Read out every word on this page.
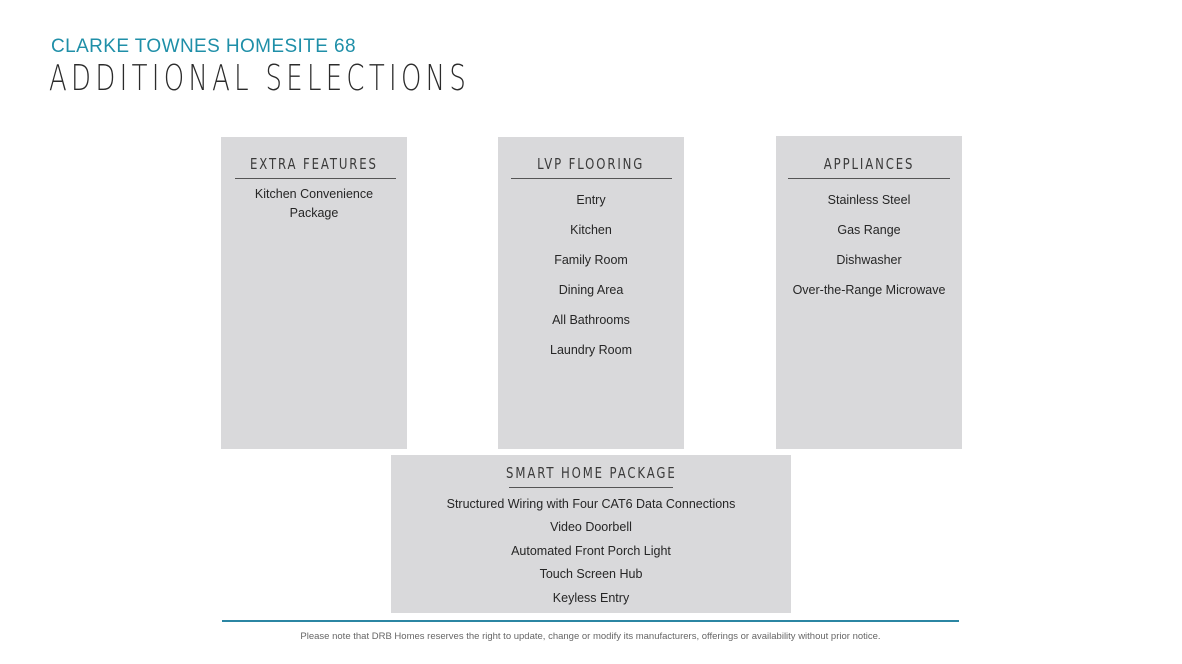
CLARKE TOWNES HOMESITE 68
ADDITIONAL SELECTIONS
EXTRA FEATURES
Kitchen Convenience Package
LVP FLOORING
Entry
Kitchen
Family Room
Dining Area
All Bathrooms
Laundry Room
APPLIANCES
Stainless Steel
Gas Range
Dishwasher
Over-the-Range Microwave
SMART HOME PACKAGE
Structured Wiring with Four CAT6 Data Connections
Video Doorbell
Automated Front Porch Light
Touch Screen Hub
Keyless Entry
Please note that DRB Homes reserves the right to update, change or modify its manufacturers, offerings or availability without prior notice.
